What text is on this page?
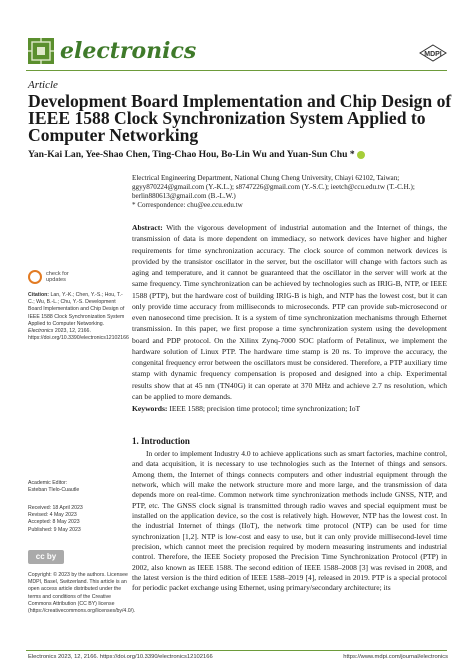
electronics	MDPI
Article
Development Board Implementation and Chip Design of IEEE 1588 Clock Synchronization System Applied to Computer Networking
Yan-Kai Lan, Yee-Shao Chen, Ting-Chao Hou, Bo-Lin Wu and Yuan-Sun Chu *
Electrical Engineering Department, National Chung Cheng University, Chiayi 62102, Taiwan;
ggyy870224@gmail.com (Y.-K.L.); s8747226@gmail.com (Y.-S.C.); ieetch@ccu.edu.tw (T.-C.H.);
berlin880613@gmail.com (B.-L.W.)
* Correspondence: chu@ee.ccu.edu.tw
Abstract: With the vigorous development of industrial automation and the Internet of things, the transmission of data is more dependent on immediacy, so network devices have higher and higher requirements for time synchronization accuracy. The clock source of common network devices is provided by the transistor oscillator in the server, but the oscillator will change with factors such as aging and temperature, and it cannot be guaranteed that the oscillator in the server will work at the same frequency. Time synchronization can be achieved by technologies such as IRIG-B, NTP, or IEEE 1588 (PTP), but the hardware cost of building IRIG-B is high, and NTP has the lowest cost, but it can only provide time accuracy from milliseconds to microseconds. PTP can provide sub-microsecond or even nanosecond time precision. It is a system of time synchronization mechanisms through Ethernet transmission. In this paper, we first propose a time synchronization system using the development board and PDP protocol. On the Xilinx Zynq-7000 SOC platform of Petalinux, we implement the hardware solution of Linux PTP. The hardware time stamp is 20 ns. To improve the accuracy, the congenital frequency error between the oscillators must be considered. Therefore, a PTP auxiliary time stamp with dynamic frequency compensation is proposed and designed into a chip. Experimental results show that at 45 nm (TN40G) it can operate at 370 MHz and achieve 2.7 ns resolution, which can be applied to more demands.
Keywords: IEEE 1588; precision time protocol; time synchronization; IoT
check for updates
Citation: Lan, Y.-K.; Chen, Y.-S.; Hou, T.-C.; Wu, B.-L.; Chu, Y.-S. Development Board Implementation and Chip Design of IEEE 1588 Clock Synchronization System Applied to Computer Networking. Electronics 2023, 12, 2166. https://doi.org/10.3390/electronics12102166
Academic Editor:
Esteban Tlelo-Cuautle
Received: 18 April 2023
Revised: 4 May 2023
Accepted: 8 May 2023
Published: 9 May 2023
cc by
Copyright: © 2023 by the authors. Licensee MDPI, Basel, Switzerland. This article is an open access article distributed under the terms and conditions of the Creative Commons Attribution (CC BY) license (https://creativecommons.org/licenses/by/4.0/).
1. Introduction
In order to implement Industry 4.0 to achieve applications such as smart factories, machine control, and data acquisition, it is necessary to use technologies such as the Internet of things and sensors. Among them, the Internet of things connects computers and other industrial equipment through the network, which will make the network structure more and more large, and the transmission of data depends more on real-time. Common network time synchronization methods include GNSS, NTP, and PTP, etc. The GNSS clock signal is transmitted through radio waves and special equipment must be installed on the application device, so the cost is relatively high. However, NTP has the lowest cost. In the industrial Internet of things (IIoT), the network time protocol (NTP) can be used for time synchronization [1,2]. NTP is low-cost and easy to use, but it can only provide millisecond-level time precision, which cannot meet the precision required by modern measuring instruments and industrial control. Therefore, the IEEE Society proposed the Precision Time Synchronization Protocol (PTP) in 2002, also known as IEEE 1588. The second edition of IEEE 1588–2008 [3] was revised in 2008, and the latest version is the third edition of IEEE 1588–2019 [4], released in 2019. PTP is a special protocol for periodic packet exchange using Ethernet, using primary/secondary architecture; its
Electronics 2023, 12, 2166. https://doi.org/10.3390/electronics12102166	https://www.mdpi.com/journal/electronics
